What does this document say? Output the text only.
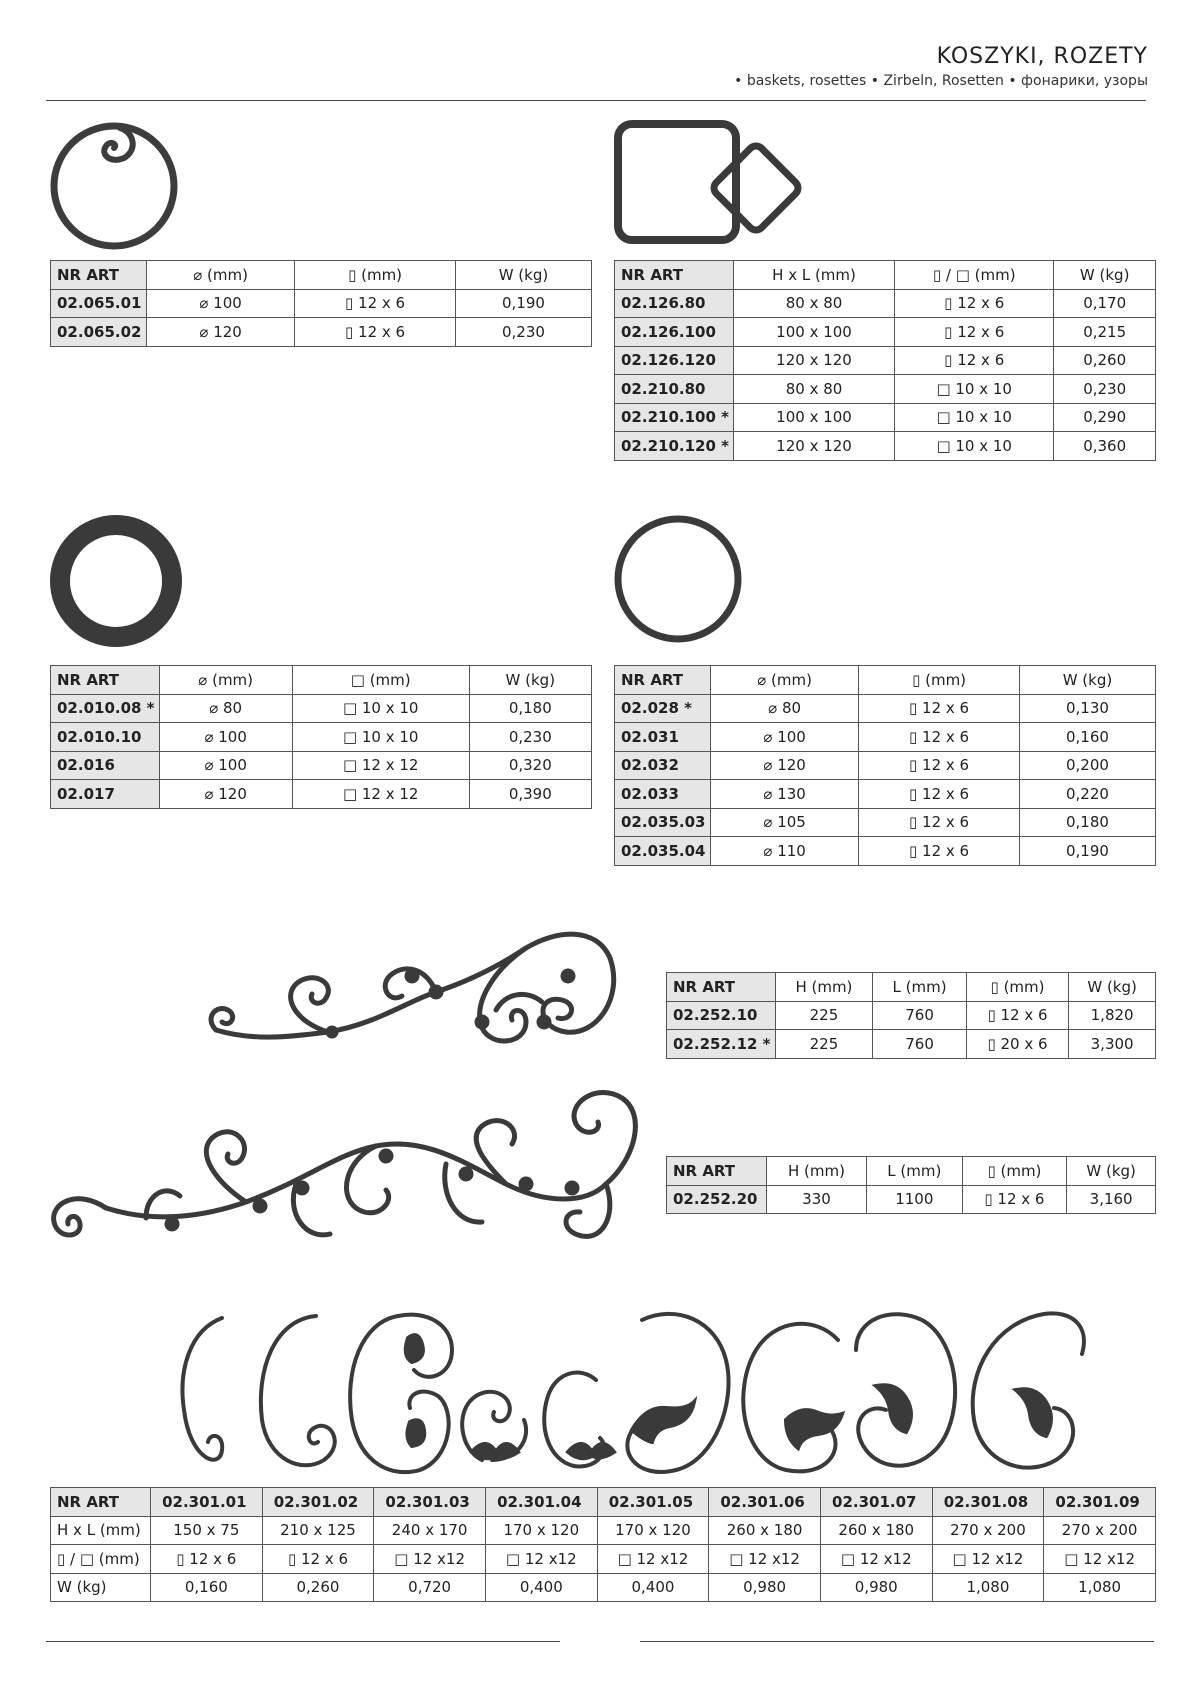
KOSZYKI, ROZETY
• baskets, rosettes • Zirbeln, Rosetten • фонарики, узоры
NR ART	⌀ (mm)	▯ (mm)	W (kg)
02.065.01	⌀ 100	▯ 12 x 6	0,190
02.065.02	⌀ 120	▯ 12 x 6	0,230
NR ART	H x L (mm)	▯ / □ (mm)	W (kg)
02.126.80	80 x 80	▯ 12 x 6	0,170
02.126.100	100 x 100	▯ 12 x 6	0,215
02.126.120	120 x 120	▯ 12 x 6	0,260
02.210.80	80 x 80	□ 10 x 10	0,230
02.210.100 *	100 x 100	□ 10 x 10	0,290
02.210.120 *	120 x 120	□ 10 x 10	0,360
NR ART	⌀ (mm)	□ (mm)	W (kg)
02.010.08 *	⌀ 80	□ 10 x 10	0,180
02.010.10	⌀ 100	□ 10 x 10	0,230
02.016	⌀ 100	□ 12 x 12	0,320
02.017	⌀ 120	□ 12 x 12	0,390
NR ART	⌀ (mm)	▯ (mm)	W (kg)
02.028 *	⌀ 80	▯ 12 x 6	0,130
02.031	⌀ 100	▯ 12 x 6	0,160
02.032	⌀ 120	▯ 12 x 6	0,200
02.033	⌀ 130	▯ 12 x 6	0,220
02.035.03	⌀ 105	▯ 12 x 6	0,180
02.035.04	⌀ 110	▯ 12 x 6	0,190
NR ART	H (mm)	L (mm)	▯ (mm)	W (kg)
02.252.10	225	760	▯ 12 x 6	1,820
02.252.12 *	225	760	▯ 20 x 6	3,300
NR ART	H (mm)	L (mm)	▯ (mm)	W (kg)
02.252.20	330	1100	▯ 12 x 6	3,160
NR ART	02.301.01	02.301.02	02.301.03	02.301.04	02.301.05	02.301.06	02.301.07	02.301.08	02.301.09
H x L (mm)	150 x 75	210 x 125	240 x 170	170 x 120	170 x 120	260 x 180	260 x 180	270 x 200	270 x 200
▯ / □ (mm)	▯ 12 x 6	▯ 12 x 6	□ 12 x12	□ 12 x12	□ 12 x12	□ 12 x12	□ 12 x12	□ 12 x12	□ 12 x12
W (kg)	0,160	0,260	0,720	0,400	0,400	0,980	0,980	1,080	1,080
